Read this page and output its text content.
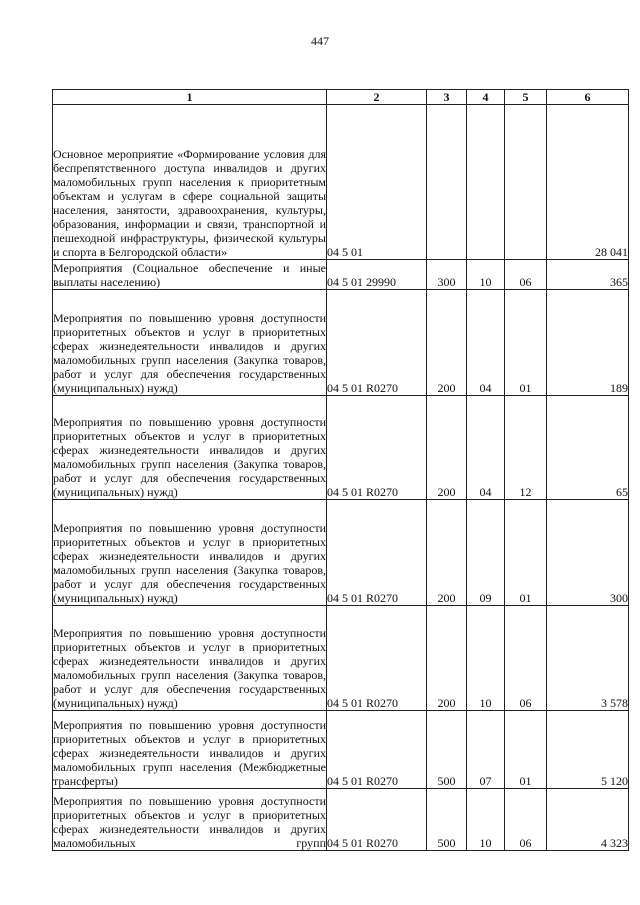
447
1	2	3	4	5	6
Основное мероприятие «Формирование условия для беспрепятственного доступа инвалидов и других маломобильных групп населения к приоритетным объектам и услугам в сфере социальной защиты населения, занятости, здравоохранения, культуры, образования, информации и связи, транспортной и пешеходной инфраструктуры, физической культуры и спорта в Белгородской области»	04 5 01				28 041
Мероприятия (Социальное обеспечение и иные выплаты населению)	04 5 01 29990	300	10	06	365
Мероприятия по повышению уровня доступности приоритетных объектов и услуг в приоритетных сферах жизнедеятельности инвалидов и других маломобильных групп населения (Закупка товаров, работ и услуг для обеспечения государственных (муниципальных) нужд)	04 5 01 R0270	200	04	01	189
Мероприятия по повышению уровня доступности приоритетных объектов и услуг в приоритетных сферах жизнедеятельности инвалидов и других маломобильных групп населения (Закупка товаров, работ и услуг для обеспечения государственных (муниципальных) нужд)	04 5 01 R0270	200	04	12	65
Мероприятия по повышению уровня доступности приоритетных объектов и услуг в приоритетных сферах жизнедеятельности инвалидов и других маломобильных групп населения (Закупка товаров, работ и услуг для обеспечения государственных (муниципальных) нужд)	04 5 01 R0270	200	09	01	300
Мероприятия по повышению уровня доступности приоритетных объектов и услуг в приоритетных сферах жизнедеятельности инвалидов и других маломобильных групп населения (Закупка товаров, работ и услуг для обеспечения государственных (муниципальных) нужд)	04 5 01 R0270	200	10	06	3 578
Мероприятия по повышению уровня доступности приоритетных объектов и услуг в приоритетных сферах жизнедеятельности инвалидов и других маломобильных групп населения (Межбюджетные трансферты)	04 5 01 R0270	500	07	01	5 120
Мероприятия по повышению уровня доступности приоритетных объектов и услуг в приоритетных сферах жизнедеятельности инвалидов и других маломобильных групп	04 5 01 R0270	500	10	06	4 323
